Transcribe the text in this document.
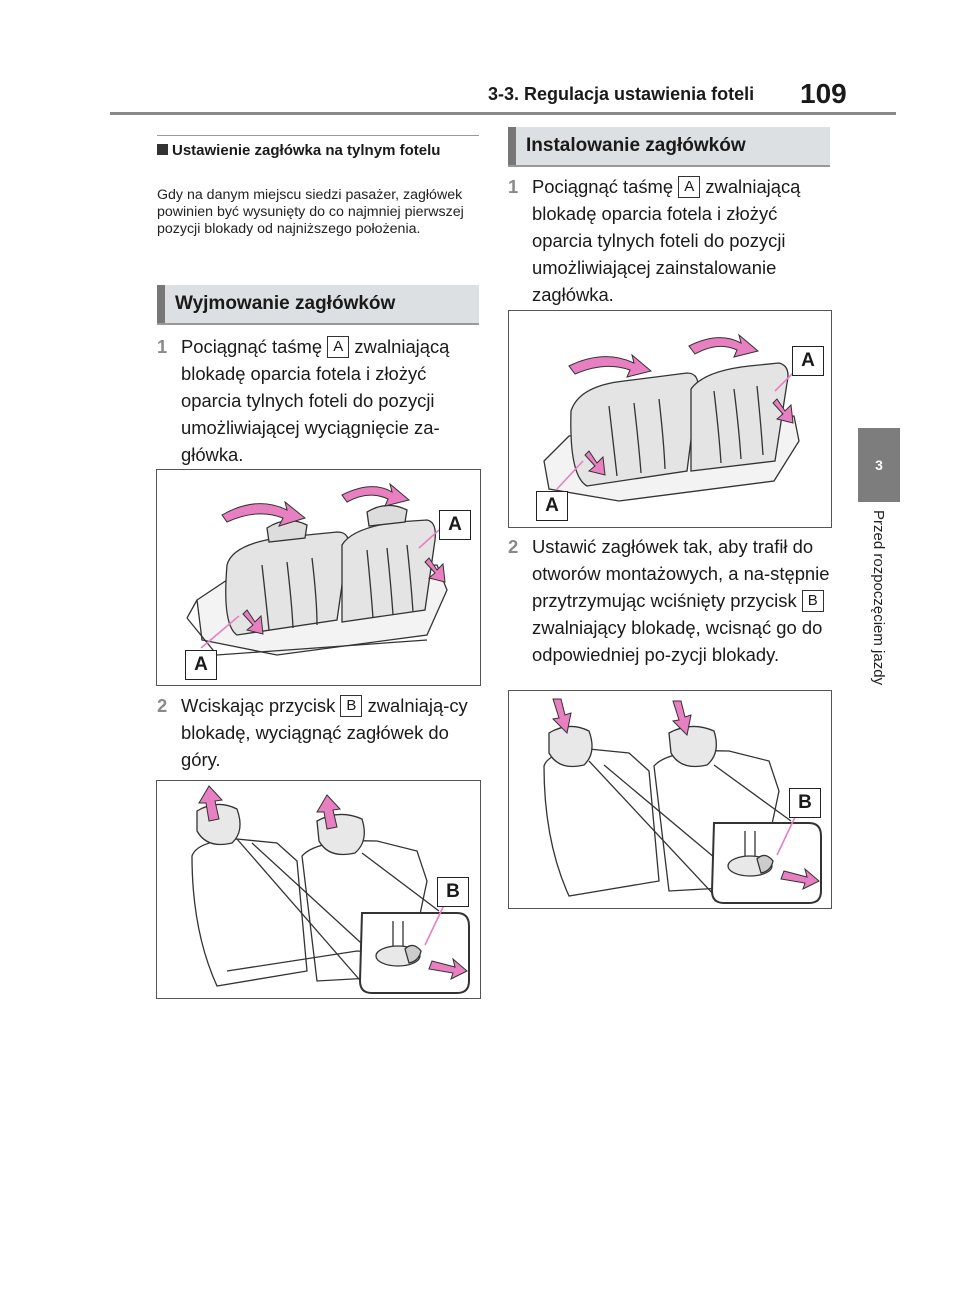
3-3. Regulacja ustawienia foteli 109
3
Przed rozpoczęciem jazdy
Ustawienie zagłówka na tylnym fotelu
Gdy na danym miejscu siedzi pasażer, zagłówek powinien być wysunięty do co najmniej pierwszej pozycji blokady od najniższego położenia.
Wyjmowanie zagłówków
1 Pociągnąć taśmę A zwalniającą blokadę oparcia fotela i złożyć oparcia tylnych foteli do pozycji umożliwiającej wyciągnięcie za-główka.
A
A
2 Wciskając przycisk B zwalniają-cy blokadę, wyciągnąć zagłówek do góry.
B
Instalowanie zagłówków
1 Pociągnąć taśmę A zwalniającą blokadę oparcia fotela i złożyć oparcia tylnych foteli do pozycji umożliwiającej zainstalowanie zagłówka.
A
A
2 Ustawić zagłówek tak, aby trafił do otworów montażowych, a na-stępnie przytrzymując wciśnięty przycisk B zwalniający blokadę, wcisnąć go do odpowiedniej po-zycji blokady.
B
